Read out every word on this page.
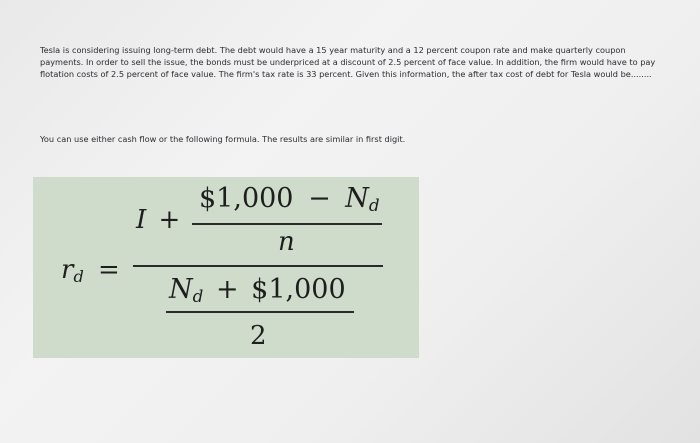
Tesla is considering issuing long-term debt. The debt would have a 15 year maturity and a 12 percent coupon rate and make quarterly coupon payments. In order to sell the issue, the bonds must be underpriced at a discount of 2.5 percent of face value. In addition, the firm would have to pay flotation costs of 2.5 percent of face value. The firm's tax rate is 33 percent. Given this information, the after tax cost of debt for Tesla would be........
You can use either cash flow or the following formula. The results are similar in first digit.
$r_d$ =
I +
$1,000 − $N_d$
n
$N_d$ + $1,000
2
